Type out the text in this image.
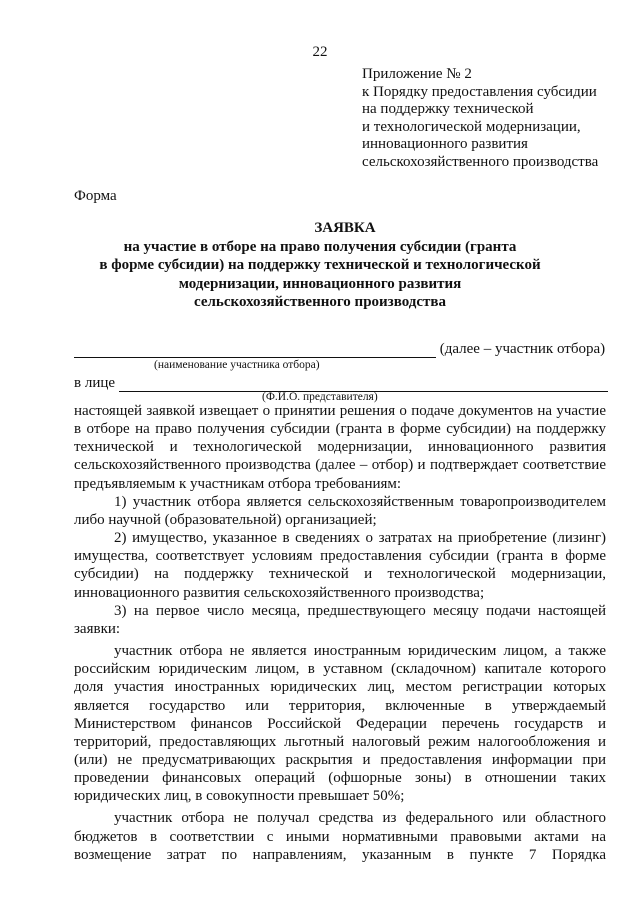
22
Приложение № 2
к Порядку предоставления субсидии
на поддержку технической
и технологической модернизации,
инновационного развития
сельскохозяйственного производства
Форма
ЗАЯВКА
на участие в отборе на право получения субсидии (гранта
в форме субсидии) на поддержку технической и технологической
модернизации, инновационного развития
сельскохозяйственного производства
(далее – участник отбора)
(наименование участника отбора)
в лице
(Ф.И.О. представителя)

настоящей заявкой извещает о принятии решения о подаче документов на участие в отборе на право получения субсидии (гранта в форме субсидии) на поддержку технической и технологической модернизации, инновационного развития сельскохозяйственного производства (далее – отбор) и подтверждает соответствие предъявляемым к участникам отбора требованиям:

1) участник отбора является сельскохозяйственным товаропроизводителем либо научной (образовательной) организацией;

2) имущество, указанное в сведениях о затратах на приобретение (лизинг) имущества, соответствует условиям предоставления субсидии (гранта в форме субсидии) на поддержку технической и технологической модернизации, инновационного развития сельскохозяйственного производства;

3) на первое число месяца, предшествующего месяцу подачи настоящей заявки:

участник отбора не является иностранным юридическим лицом, а также российским юридическим лицом, в уставном (складочном) капитале которого доля участия иностранных юридических лиц, местом регистрации которых является государство или территория, включенные в утверждаемый Министерством финансов Российской Федерации перечень государств и территорий, предоставляющих льготный налоговый режим налогообложения и (или) не предусматривающих раскрытия и предоставления информации при проведении финансовых операций (офшорные зоны) в отношении таких юридических лиц, в совокупности превышает 50%;

участник отбора не получал средства из федерального или областного бюджетов в соответствии с иными нормативными правовыми актами на возмещение затрат по направлениям, указанным в пункте 7 Порядка
